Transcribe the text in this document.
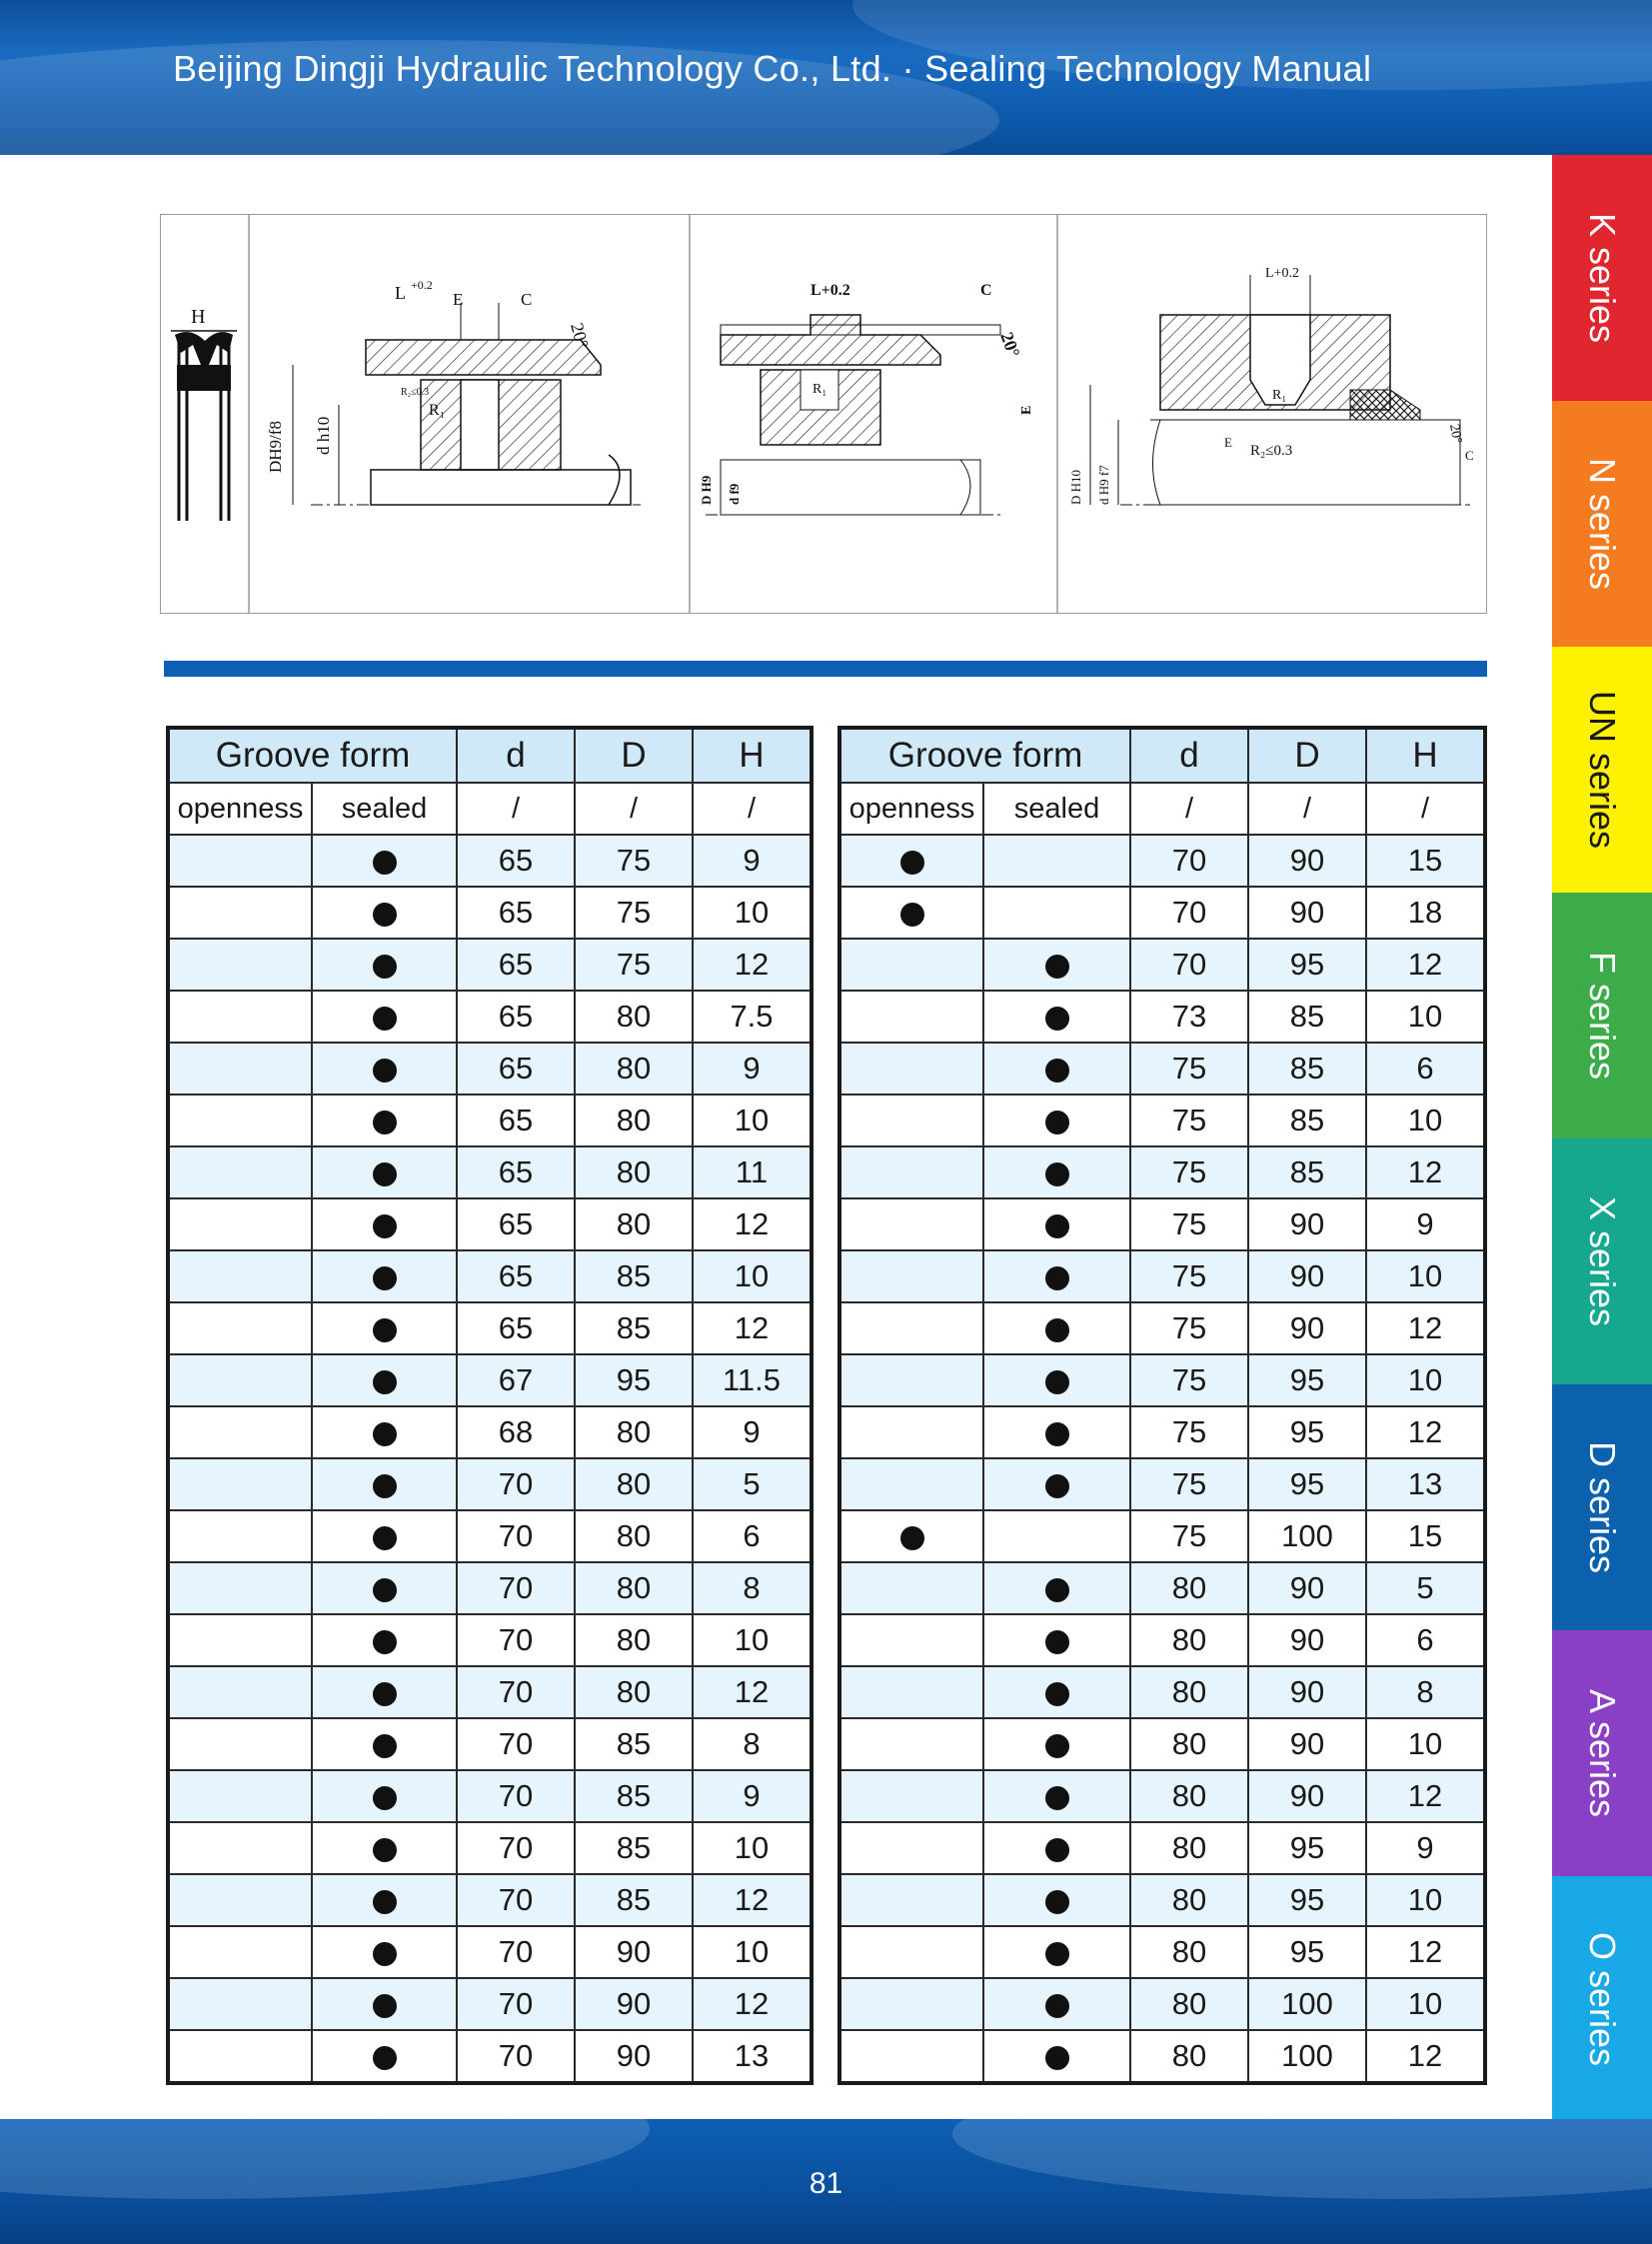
Beijing Dingji Hydraulic Technology Co., Ltd. · Sealing Technology Manual
K series
N series
UN series
F series
X series
D series
A series
O series
H
DH9/f8 d h10
L +0.2
E	C
20°
R₁
R₂≤0.3
L+0.2	C
20°
R₁
E
D H9 d f9
L+0.2
R₁
E
R₂≤0.3
20°
C
D H10 d H9 f7
Groove form		d	D	H
openness	sealed	/	/	/
		65	75	9
		65	75	10
		65	75	12
		65	80	7.5
		65	80	9
		65	80	10
		65	80	11
		65	80	12
		65	85	10
		65	85	12
		67	95	11.5
		68	80	9
		70	80	5
		70	80	6
		70	80	8
		70	80	10
		70	80	12
		70	85	8
		70	85	9
		70	85	10
		70	85	12
		70	90	10
		70	90	12
		70	90	13
Groove form		d	D	H
openness	sealed	/	/	/
		70	90	15
		70	90	18
		70	95	12
		73	85	10
		75	85	6
		75	85	10
		75	85	12
		75	90	9
		75	90	10
		75	90	12
		75	95	10
		75	95	12
		75	95	13
		75	100	15
		80	90	5
		80	90	6
		80	90	8
		80	90	10
		80	90	12
		80	95	9
		80	95	10
		80	95	12
		80	100	10
		80	100	12
81
